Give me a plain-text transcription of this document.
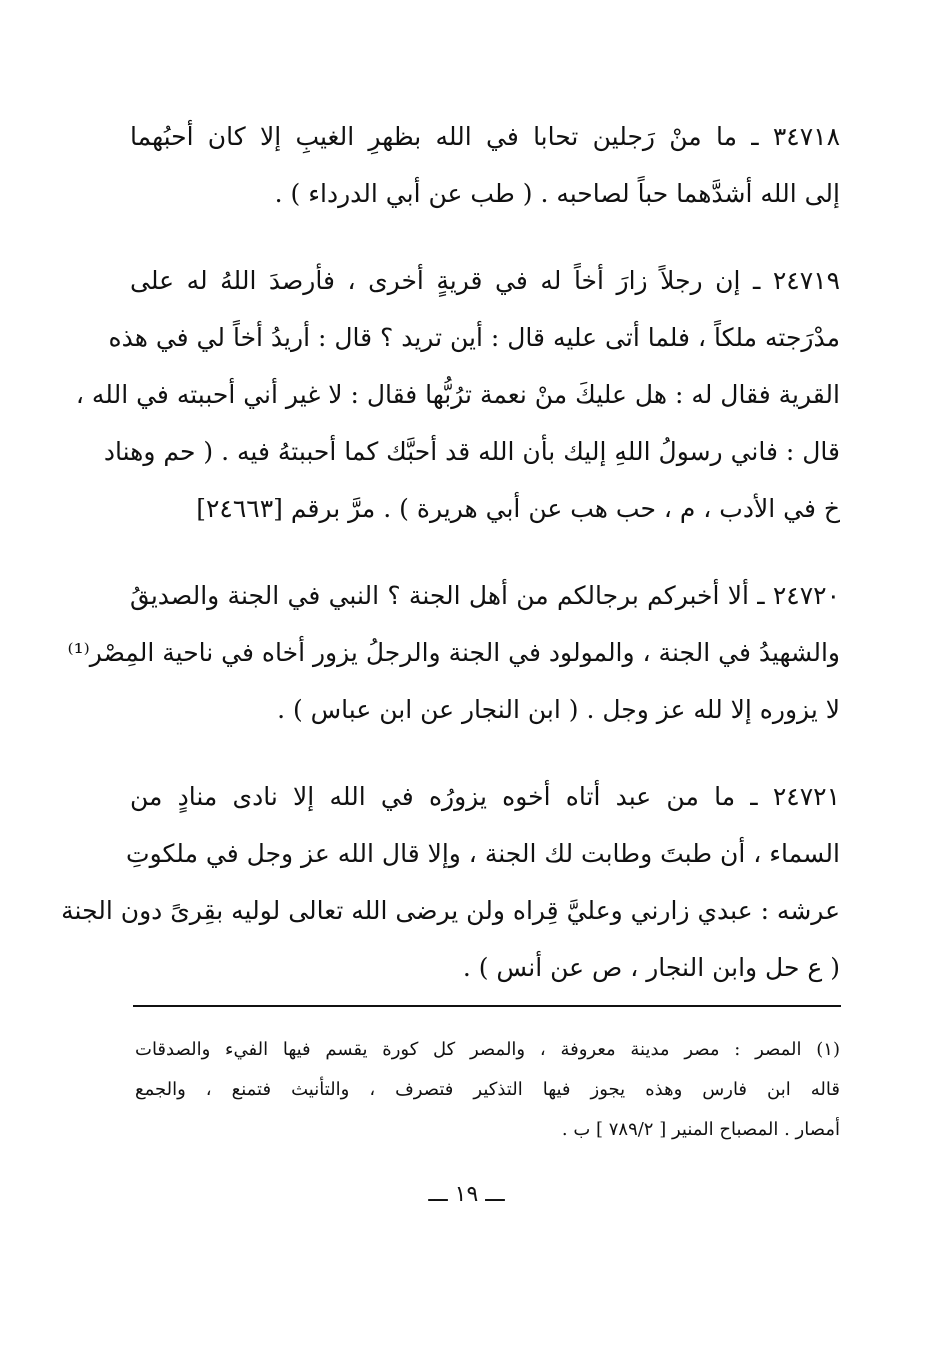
٣٤٧١٨ ـ ما منْ رَجلين تحابا في الله بظهرِ الغيبِ إلا كان أحبُهما
إلى الله أشدَّهما حباً لصاحبه . ( طب عن أبي الدرداء ) .
٢٤٧١٩ ـ إن رجلاً زارَ أخاً له في قريةٍ أخرى ، فأرصدَ اللهُ له على
مدْرَجته ملكاً ، فلما أتى عليه قال : أين تريد ؟ قال : أريدُ أخاً لي في هذه
القرية فقال له : هل عليكَ منْ نعمة ترُبُّها فقال : لا غير أني أحببته في الله ،
قال : فاني رسولُ اللهِ إليك بأن الله قد أحبَّك كما أحببتهُ فيه . ( حم وهناد
خ في الأدب ، م ، حب هب عن أبي هريرة ) . مرَّ برقم [٢٤٦٦٣]
٢٤٧٢٠ ـ ألا أخبركم برجالكم من أهل الجنة ؟ النبي في الجنة والصديقُ
والشهيدُ في الجنة ، والمولود في الجنة والرجلُ يزور أخاه في ناحية المِصْر⁽¹⁾
لا يزوره إلا لله عز وجل . ( ابن النجار عن ابن عباس ) .
٢٤٧٢١ ـ ما من عبد أتاه أخوه يزورُه في الله إلا نادى منادٍ من
السماء ، أن طبتَ وطابت لك الجنة ، وإلا قال الله عز وجل في ملكوتِ
عرشه : عبدي زارني وعليَّ قِراه ولن يرضى الله تعالى لوليه بقِرىً دون الجنة
( ع حل وابن النجار ، ص عن أنس ) .
(١) المصر : مصر مدينة معروفة ، والمصر كل كورة يقسم فيها الفيء والصدقات
قاله ابن فارس وهذه يجوز فيها التذكير فتصرف ، والتأنيث فتمنع ، والجمع
أمصار . المصباح المنير [ ٧٨٩/٢ ] ب .
ـــ ١٩ ـــ
